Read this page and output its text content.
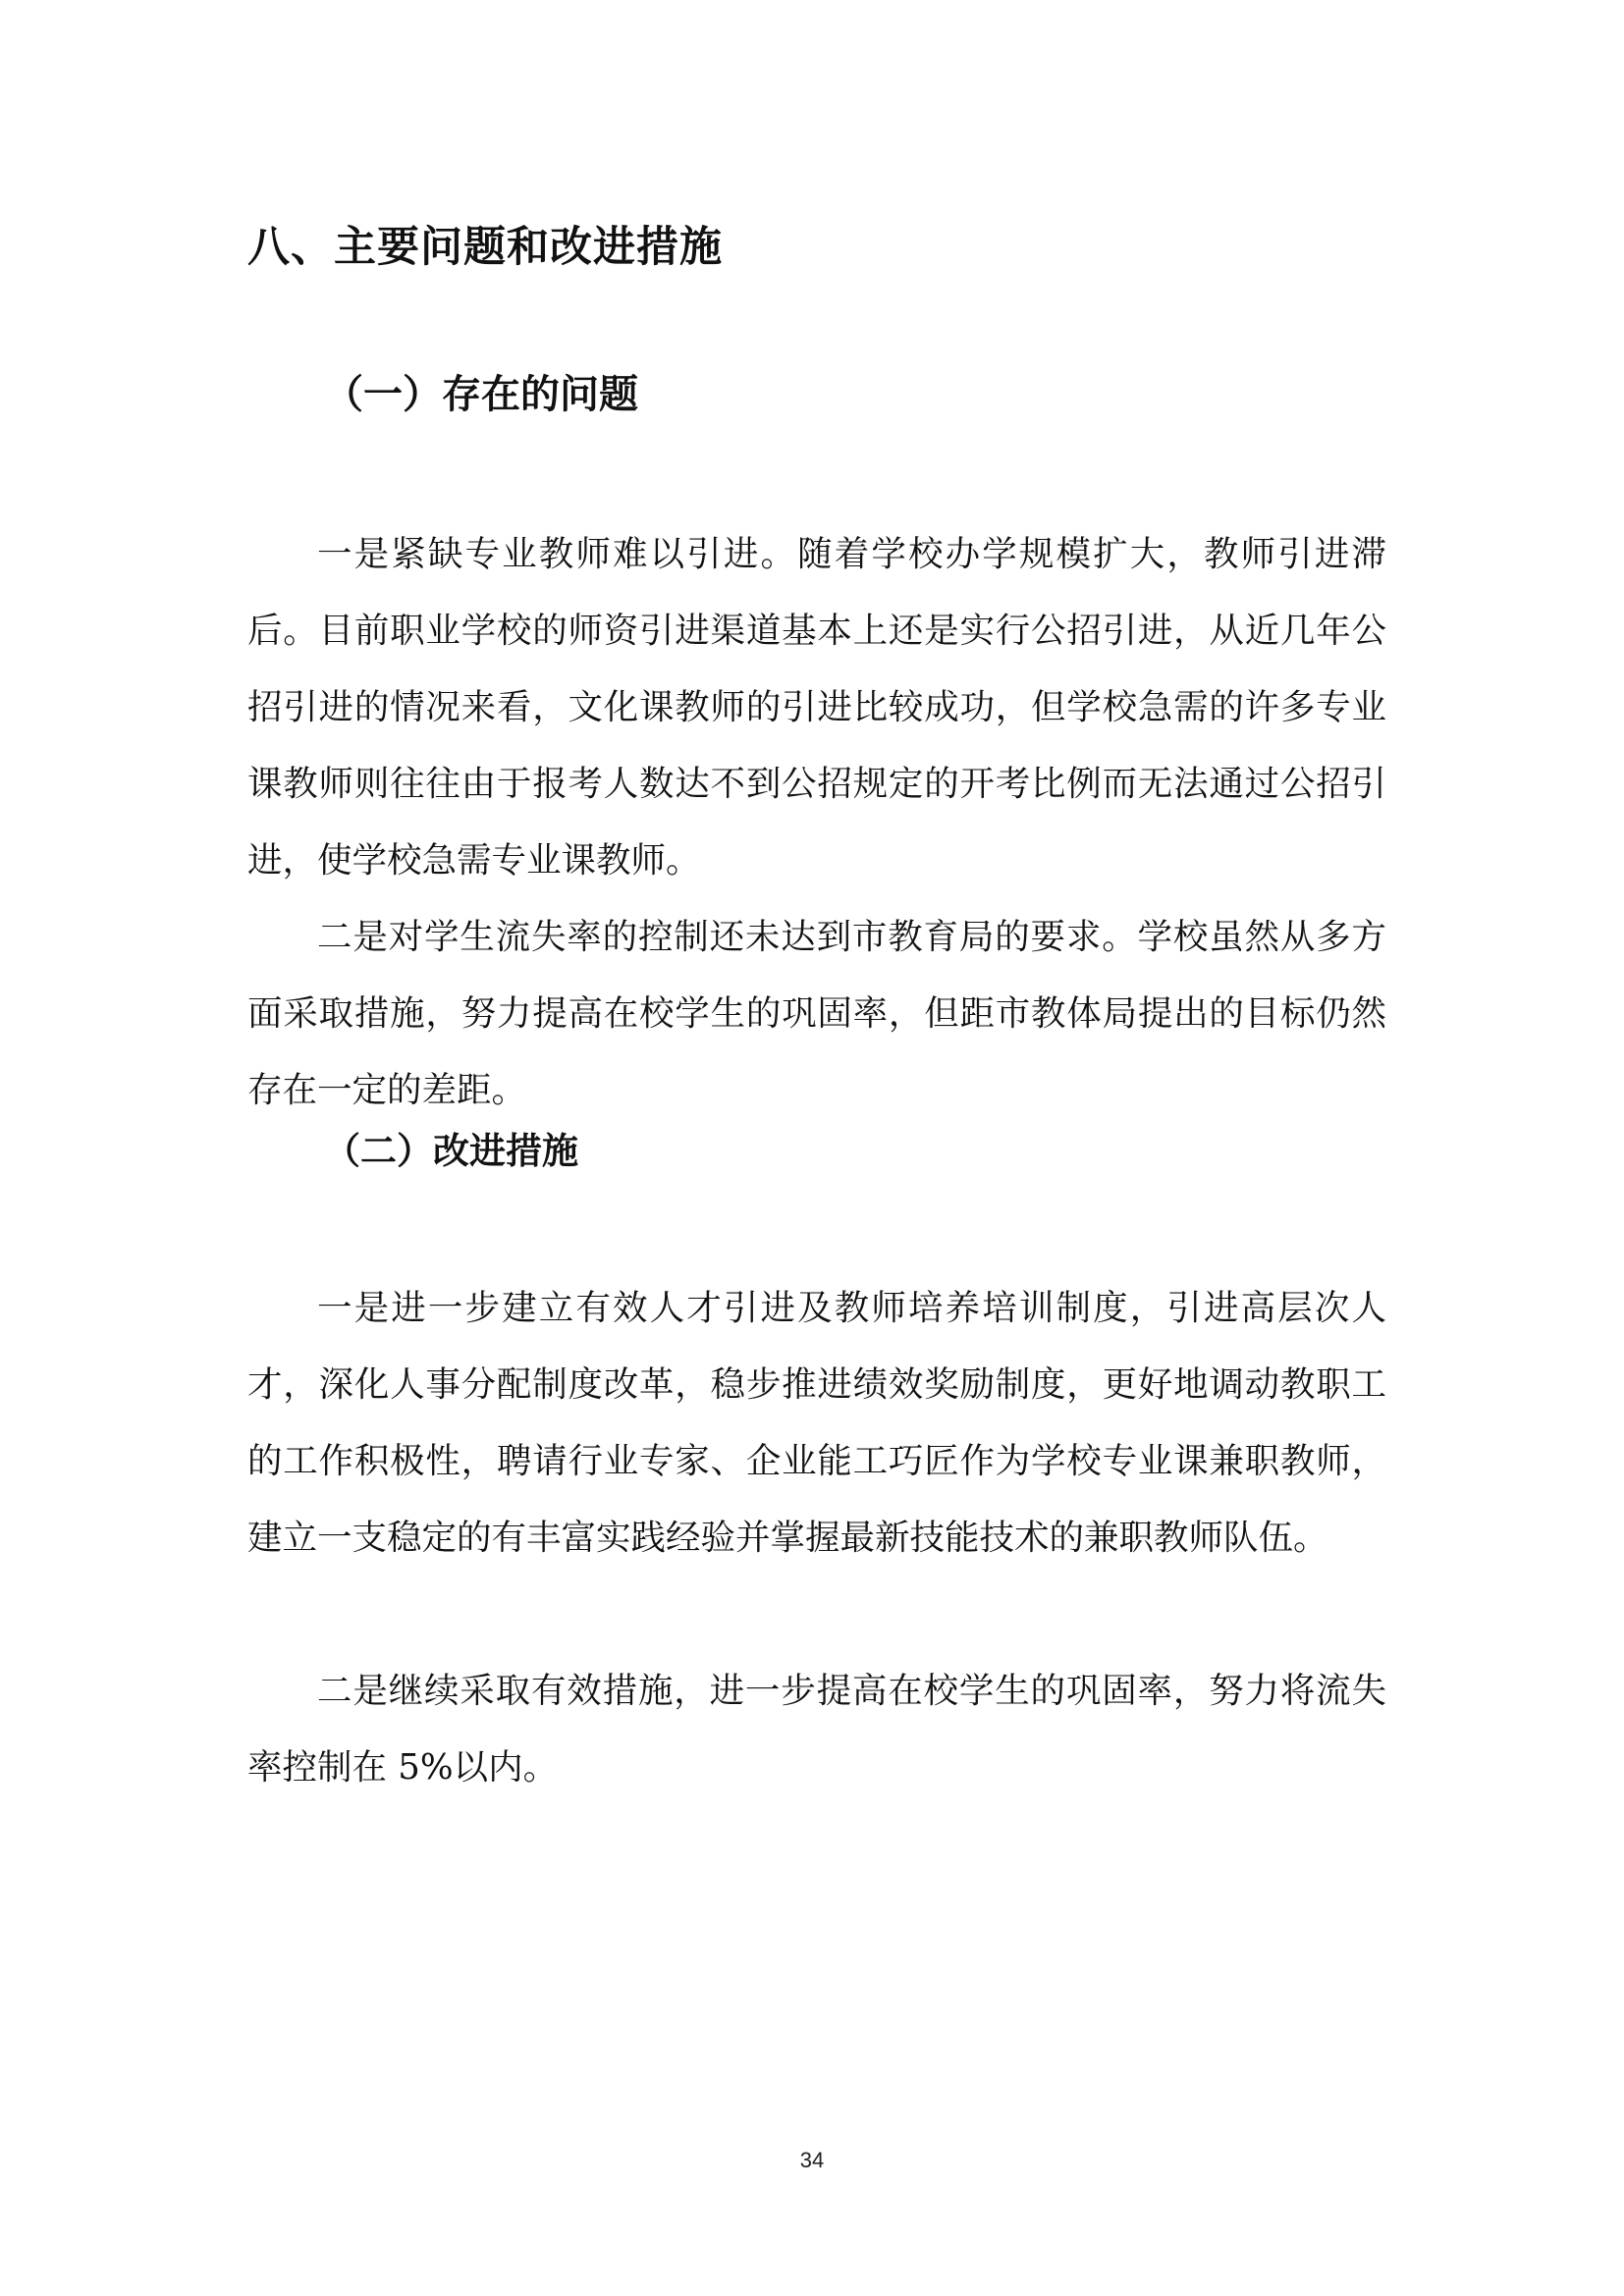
八、主要问题和改进措施
（一）存在的问题

一是紧缺专业教师难以引进。随着学校办学规模扩大，教师引进滞后。目前职业学校的师资引进渠道基本上还是实行公招引进，从近几年公招引进的情况来看，文化课教师的引进比较成功，但学校急需的许多专业课教师则往往由于报考人数达不到公招规定的开考比例而无法通过公招引进，使学校急需专业课教师。

二是对学生流失率的控制还未达到市教育局的要求。学校虽然从多方面采取措施，努力提高在校学生的巩固率，但距市教体局提出的目标仍然存在一定的差距。

（二）改进措施

一是进一步建立有效人才引进及教师培养培训制度，引进高层次人才，深化人事分配制度改革，稳步推进绩效奖励制度，更好地调动教职工的工作积极性，聘请行业专家、企业能工巧匠作为学校专业课兼职教师，建立一支稳定的有丰富实践经验并掌握最新技能技术的兼职教师队伍。

二是继续采取有效措施，进一步提高在校学生的巩固率，努力将流失率控制在 5%以内。

34
